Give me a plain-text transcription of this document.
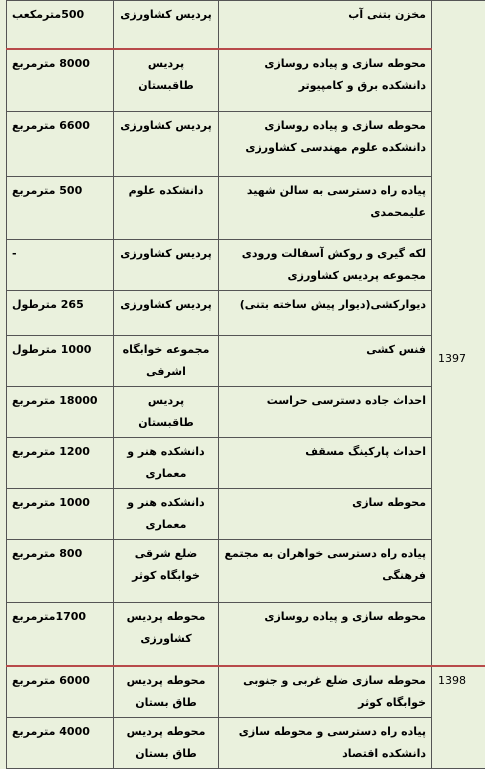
1397	مخزن بتنی آب	پردیس کشاورزی	500مترمکعب
	محوطه سازی و پیاده روسازی دانشکده برق و کامپیوتر	پردیس طاقبستان	8000 مترمربع
	محوطه سازی و پیاده روسازی دانشکده علوم مهندسی کشاورزی	پردیس کشاورزی	6600 مترمربع
	پیاده راه دسترسی به سالن شهید علیمحمدی	دانشکده علوم	500 مترمربع
	لکه گیری و روکش آسفالت ورودی مجموعه پردیس کشاورزی	پردیس کشاورزی	-
	دیوارکشی(دیوار پیش ساخته بتنی)	پردیس کشاورزی	265 مترطول
	فنس کشی	مجموعه خوابگاه اشرفی	1000 مترطول
	احداث جاده دسترسی حراست	پردیس طاقبستان	18000 مترمربع
	احداث پارکینگ مسقف	دانشکده هنر و معماری	1200 مترمربع
	محوطه سازی	دانشکده هنر و معماری	1000 مترمربع
	پیاده راه دسترسی خواهران به مجتمع فرهنگی	ضلع شرقی خوابگاه کوثر	800 مترمربع
	محوطه سازی و پیاده روسازی	محوطه پردیس کشاورزی	1700مترمربع
1398	محوطه سازی ضلع غربی و جنوبی خوابگاه کوثر	محوطه پردیس طاق بستان	6000 مترمربع
	پیاده راه دسترسی و محوطه سازی دانشکده اقتصاد	محوطه پردیس طاق بستان	4000 مترمربع
